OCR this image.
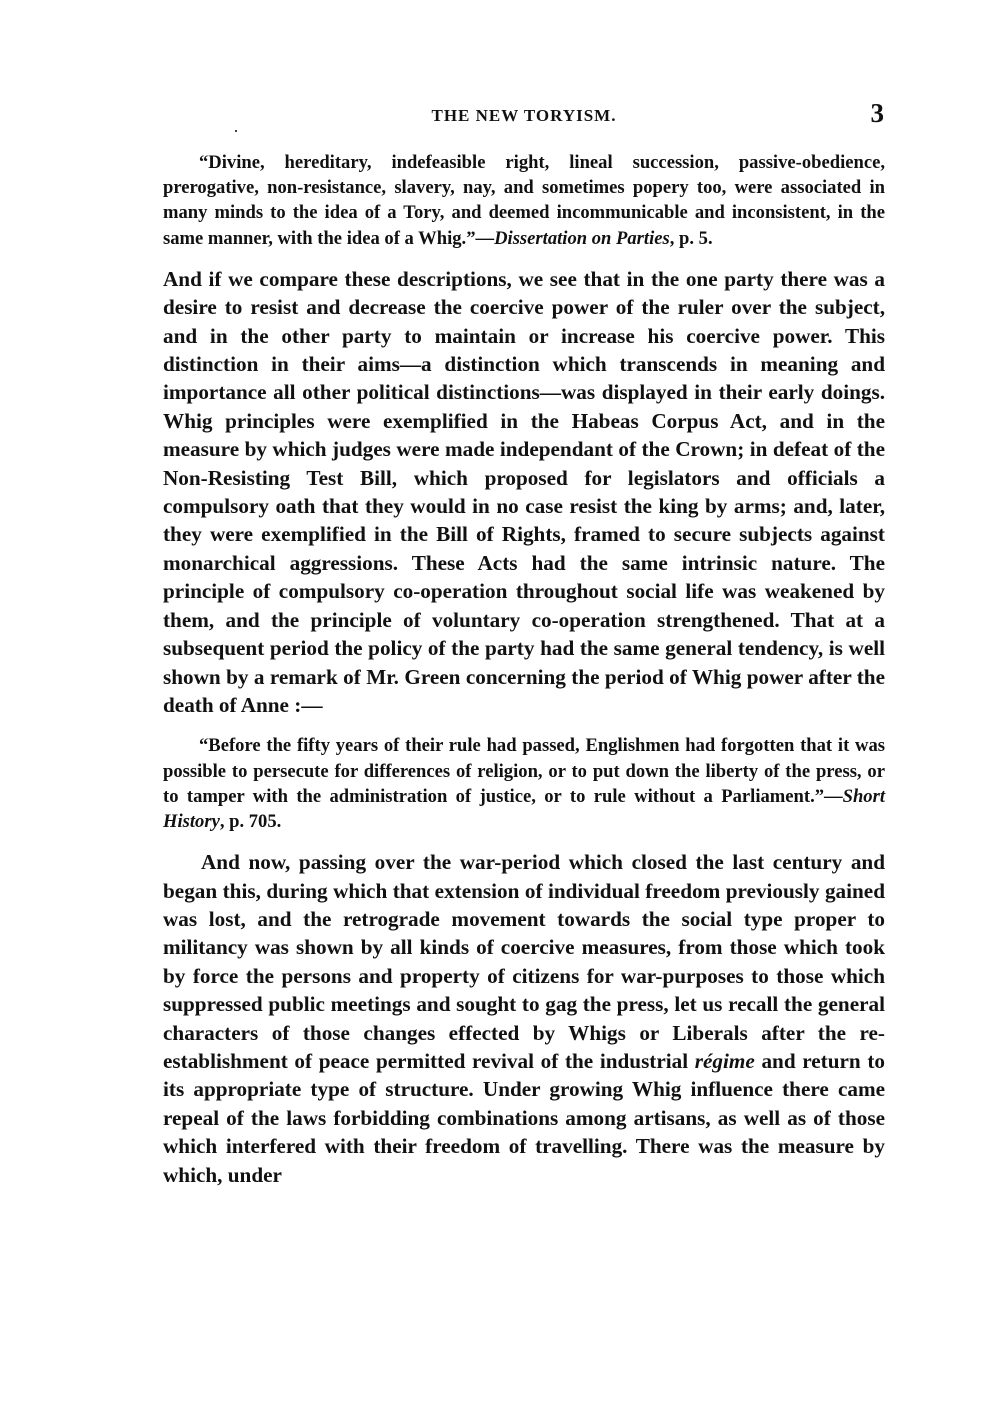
THE NEW TORYISM.	3

“Divine, hereditary, indefeasible right, lineal succession, passive-obedience, prerogative, non-resistance, slavery, nay, and sometimes popery too, were associated in many minds to the idea of a Tory, and deemed incommunicable and inconsistent, in the same manner, with the idea of a Whig.”—Dissertation on Parties, p. 5.

And if we compare these descriptions, we see that in the one party there was a desire to resist and decrease the coercive power of the ruler over the subject, and in the other party to maintain or increase his coercive power. This distinction in their aims—a distinction which transcends in meaning and importance all other political distinctions—was displayed in their early doings. Whig principles were exemplified in the Habeas Corpus Act, and in the measure by which judges were made independant of the Crown; in defeat of the Non-Resisting Test Bill, which proposed for legislators and officials a compulsory oath that they would in no case resist the king by arms; and, later, they were exemplified in the Bill of Rights, framed to secure subjects against monarchical aggressions. These Acts had the same intrinsic nature. The principle of compulsory co-operation throughout social life was weakened by them, and the principle of voluntary co-operation strengthened. That at a subsequent period the policy of the party had the same general tendency, is well shown by a remark of Mr. Green concerning the period of Whig power after the death of Anne :—

“Before the fifty years of their rule had passed, Englishmen had forgotten that it was possible to persecute for differences of religion, or to put down the liberty of the press, or to tamper with the administration of justice, or to rule without a Parliament.”—Short History, p. 705.

And now, passing over the war-period which closed the last century and began this, during which that extension of individual freedom previously gained was lost, and the retrograde movement towards the social type proper to militancy was shown by all kinds of coercive measures, from those which took by force the persons and property of citizens for war-purposes to those which suppressed public meetings and sought to gag the press, let us recall the general characters of those changes effected by Whigs or Liberals after the re-establishment of peace permitted revival of the industrial régime and return to its appropriate type of structure. Under growing Whig influence there came repeal of the laws forbidding combinations among artisans, as well as of those which interfered with their freedom of travelling. There was the measure by which, under
